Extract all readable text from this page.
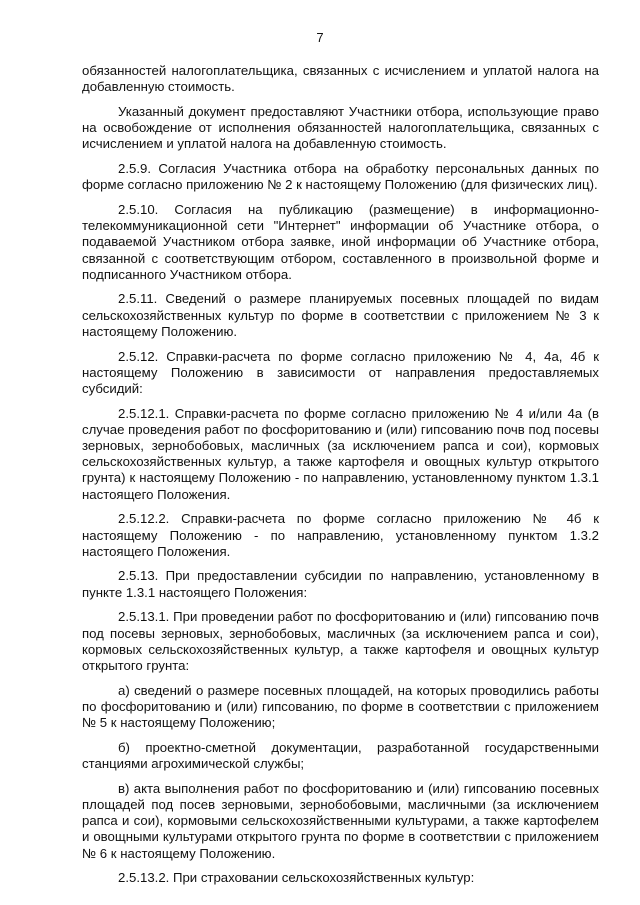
7

обязанностей налогоплательщика, связанных с исчислением и уплатой налога на добавленную стоимость.

Указанный документ предоставляют Участники отбора, использующие право на освобождение от исполнения обязанностей налогоплательщика, связанных с исчислением и уплатой налога на добавленную стоимость.

2.5.9. Согласия Участника отбора на обработку персональных данных по форме согласно приложению № 2 к настоящему Положению (для физических лиц).

2.5.10. Согласия на публикацию (размещение) в информационно-телекоммуникационной сети "Интернет" информации об Участнике отбора, о подаваемой Участником отбора заявке, иной информации об Участнике отбора, связанной с соответствующим отбором, составленного в произвольной форме и подписанного Участником отбора.

2.5.11. Сведений о размере планируемых посевных площадей по видам сельскохозяйственных культур по форме в соответствии с приложением № 3 к настоящему Положению.

2.5.12. Справки-расчета по форме согласно приложению № 4, 4а, 4б к настоящему Положению в зависимости от направления предоставляемых субсидий:

2.5.12.1. Справки-расчета по форме согласно приложению № 4 и/или 4а (в случае проведения работ по фосфоритованию и (или) гипсованию почв под посевы зерновых, зернобобовых, масличных (за исключением рапса и сои), кормовых сельскохозяйственных культур, а также картофеля и овощных культур открытого грунта) к настоящему Положению - по направлению, установленному пунктом 1.3.1 настоящего Положения.

2.5.12.2. Справки-расчета по форме согласно приложению № 4б к настоящему Положению - по направлению, установленному пунктом 1.3.2 настоящего Положения.

2.5.13. При предоставлении субсидии по направлению, установленному в пункте 1.3.1 настоящего Положения:

2.5.13.1. При проведении работ по фосфоритованию и (или) гипсованию почв под посевы зерновых, зернобобовых, масличных (за исключением рапса и сои), кормовых сельскохозяйственных культур, а также картофеля и овощных культур открытого грунта:

а) сведений о размере посевных площадей, на которых проводились работы по фосфоритованию и (или) гипсованию, по форме в соответствии с приложением № 5 к настоящему Положению;

б) проектно-сметной документации, разработанной государственными станциями агрохимической службы;

в) акта выполнения работ по фосфоритованию и (или) гипсованию посевных площадей под посев зерновыми, зернобобовыми, масличными (за исключением рапса и сои), кормовыми сельскохозяйственными культурами, а также картофелем и овощными культурами открытого грунта по форме в соответствии с приложением № 6 к настоящему Положению.

2.5.13.2. При страховании сельскохозяйственных культур:
